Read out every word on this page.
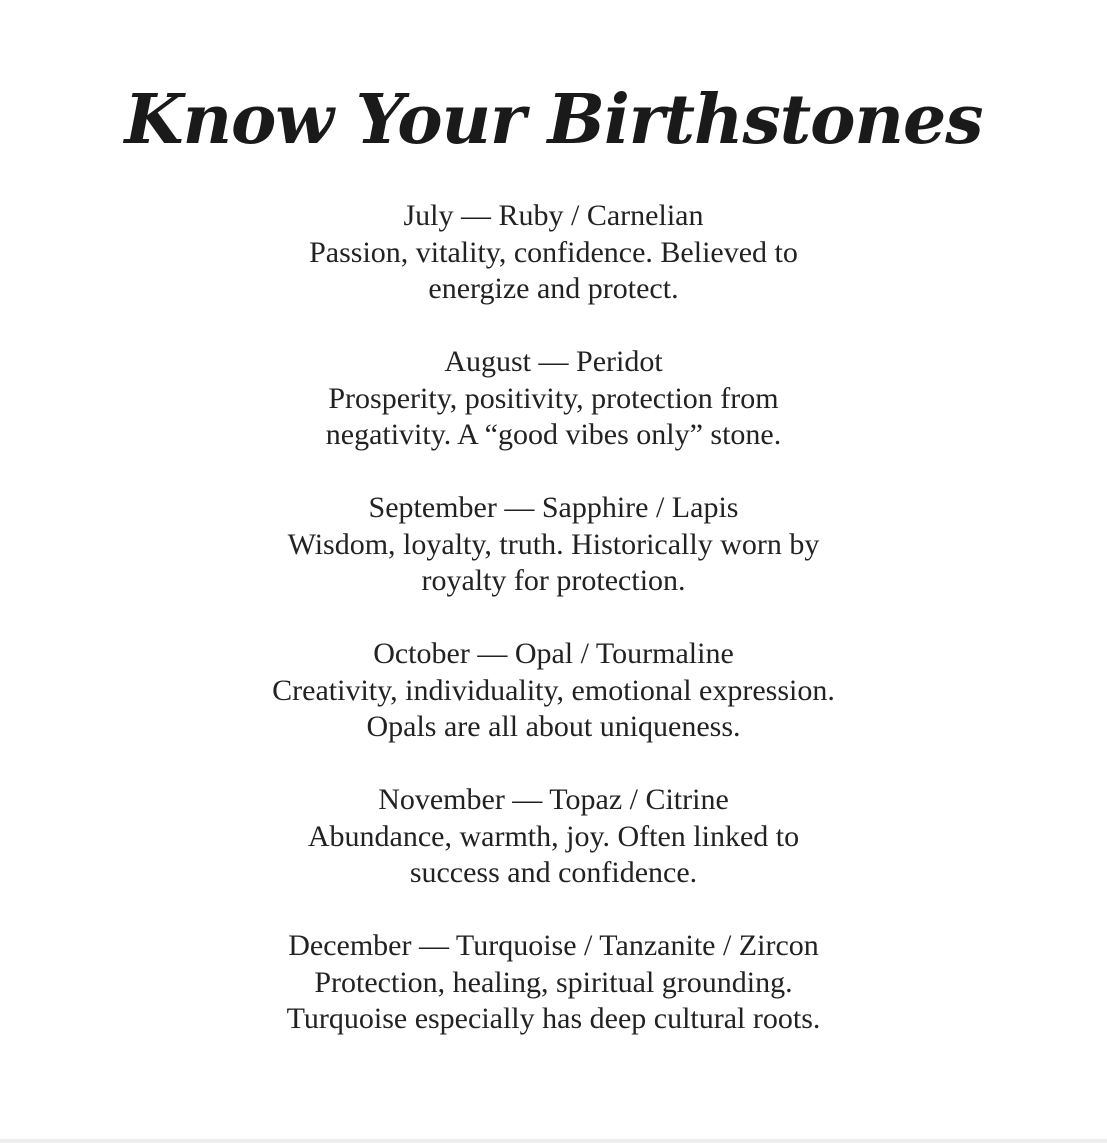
Know Your Birthstones
July — Ruby / Carnelian
Passion, vitality, confidence. Believed to energize and protect.
August — Peridot
Prosperity, positivity, protection from negativity. A “good vibes only” stone.
September — Sapphire / Lapis
Wisdom, loyalty, truth. Historically worn by royalty for protection.
October — Opal / Tourmaline
Creativity, individuality, emotional expression. Opals are all about uniqueness.
November — Topaz / Citrine
Abundance, warmth, joy. Often linked to success and confidence.
December — Turquoise / Tanzanite / Zircon
Protection, healing, spiritual grounding. Turquoise especially has deep cultural roots.
